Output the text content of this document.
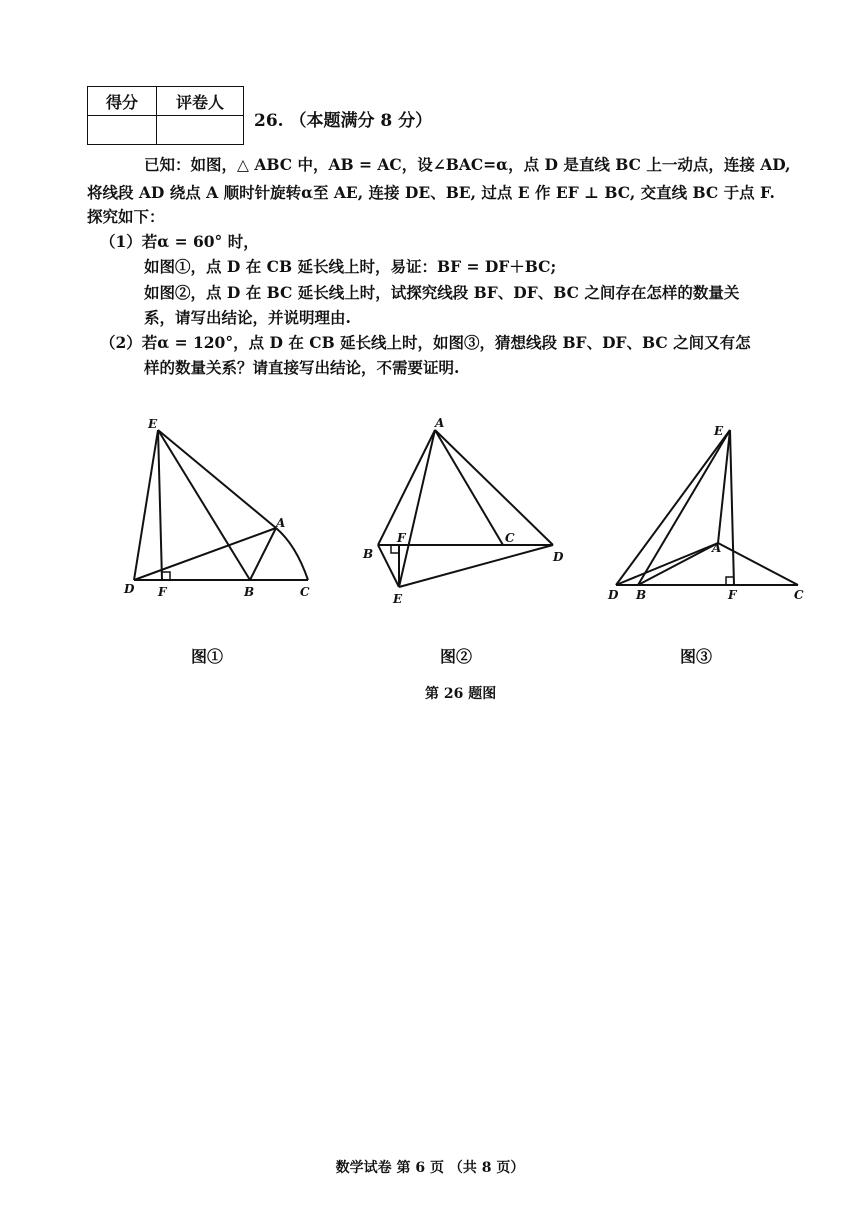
得分	评卷人

26. （本题满分 8 分）
已知：如图，△ ABC 中，AB = AC，设∠BAC=α，点 D 是直线 BC 上一动点，连接 AD,
将线段 AD 绕点 A 顺时针旋转α至 AE, 连接 DE、BE, 过点 E 作 EF ⊥ BC, 交直线 BC 于点 F.
探究如下：
（1）若α = 60° 时，
如图①，点 D 在 CB 延长线上时，易证：BF = DF＋BC;
如图②，点 D 在 BC 延长线上时，试探究线段 BF、DF、BC 之间存在怎样的数量关
系，请写出结论，并说明理由.
（2）若α = 120°，点 D 在 CB 延长线上时，如图③，猜想线段 BF、DF、BC 之间又有怎
样的数量关系？请直接写出结论，不需要证明.
E
A
D F	B	C
A
B
F	C
D
E
E
A
D B	F	C
图①	图②	图③
第 26 题图
数学试卷 第 6 页 （共 8 页）
